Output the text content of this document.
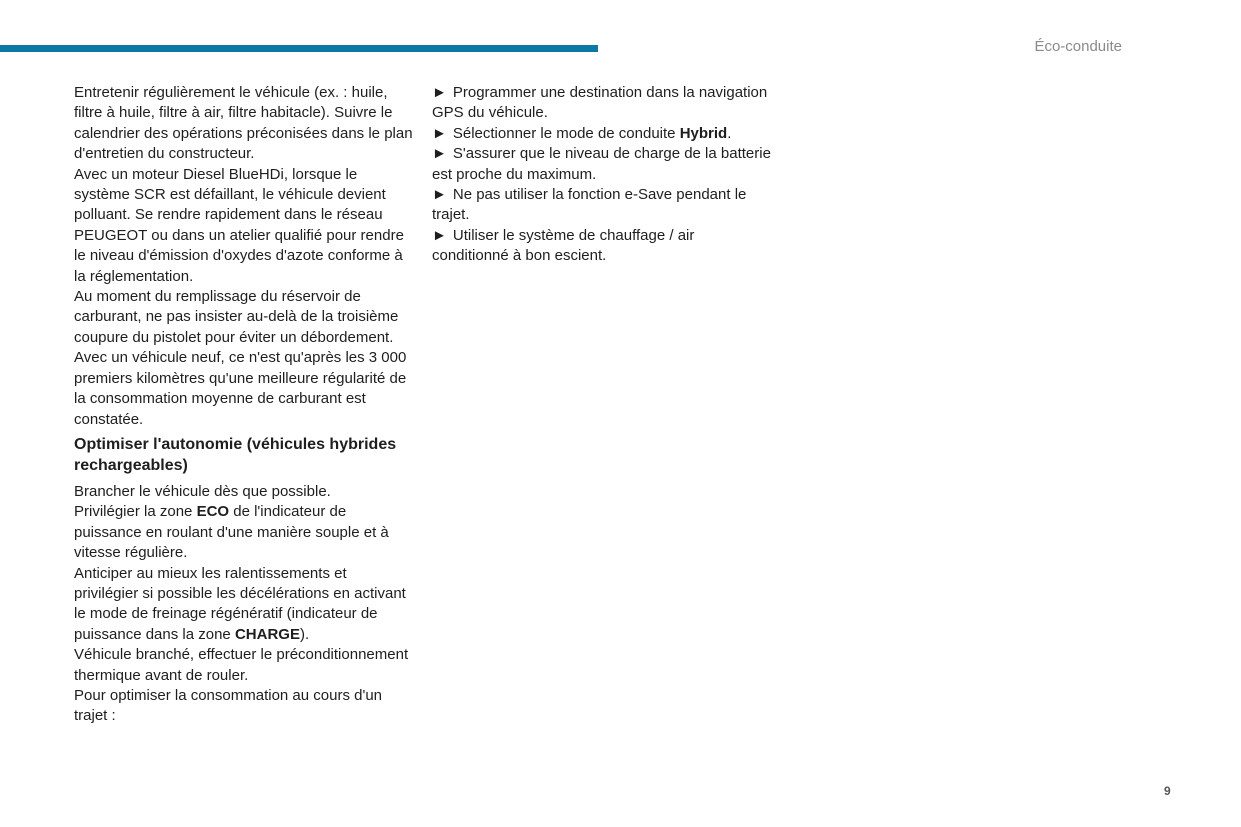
Éco-conduite

Entretenir régulièrement le véhicule (ex. : huile, filtre à huile, filtre à air, filtre habitacle). Suivre le calendrier des opérations préconisées dans le plan d'entretien du constructeur.

Avec un moteur Diesel BlueHDi, lorsque le système SCR est défaillant, le véhicule devient polluant. Se rendre rapidement dans le réseau PEUGEOT ou dans un atelier qualifié pour rendre le niveau d'émission d'oxydes d'azote conforme à la réglementation.

Au moment du remplissage du réservoir de carburant, ne pas insister au-delà de la troisième coupure du pistolet pour éviter un débordement.

Avec un véhicule neuf, ce n'est qu'après les 3 000 premiers kilomètres qu'une meilleure régularité de la consommation moyenne de carburant est constatée.

Optimiser l'autonomie (véhicules hybrides rechargeables)

Brancher le véhicule dès que possible.

Privilégier la zone ECO de l'indicateur de puissance en roulant d'une manière souple et à vitesse régulière.

Anticiper au mieux les ralentissements et privilégier si possible les décélérations en activant le mode de freinage régénératif (indicateur de puissance dans la zone CHARGE).

Véhicule branché, effectuer le préconditionnement thermique avant de rouler.

Pour optimiser la consommation au cours d'un trajet :

► Programmer une destination dans la navigation GPS du véhicule.

► Sélectionner le mode de conduite Hybrid.

► S'assurer que le niveau de charge de la batterie est proche du maximum.

► Ne pas utiliser la fonction e-Save pendant le trajet.

► Utiliser le système de chauffage / air conditionné à bon escient.

9
